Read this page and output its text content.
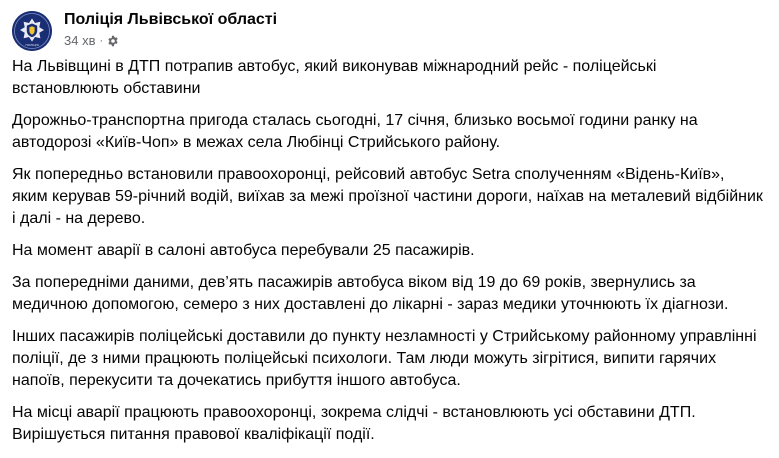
ПОЛІЦІЯ
Поліція Львівської області
34 хв ·

На Львівщині в ДТП потрапив автобус, який виконував міжнародний рейс - поліцейські встановлюють обставини

Дорожньо-транспортна пригода сталась сьогодні, 17 січня, близько восьмої години ранку на автодорозі «Київ-Чоп» в межах села Любінці Стрийського району.

Як попередньо встановили правоохоронці, рейсовий автобус Setra сполученням «Відень-Київ», яким керував 59-річний водій, виїхав за межі проїзної частини дороги, наїхав на металевий відбійник і далі - на дерево.

На момент аварії в салоні автобуса перебували 25 пасажирів.

За попередніми даними, дев’ять пасажирів автобуса віком від 19 до 69 років, звернулись за медичною допомогою, семеро з них доставлені до лікарні - зараз медики уточнюють їх діагнози.

Інших пасажирів поліцейські доставили до пункту незламності у Стрийському районному управлінні поліції, де з ними працюють поліцейські психологи. Там люди можуть зігрітися, випити гарячих напоїв, перекусити та дочекатись прибуття іншого автобуса.

На місці аварії працюють правоохоронці, зокрема слідчі - встановлюють усі обставини ДТП. Вирішується питання правової кваліфікації події.
